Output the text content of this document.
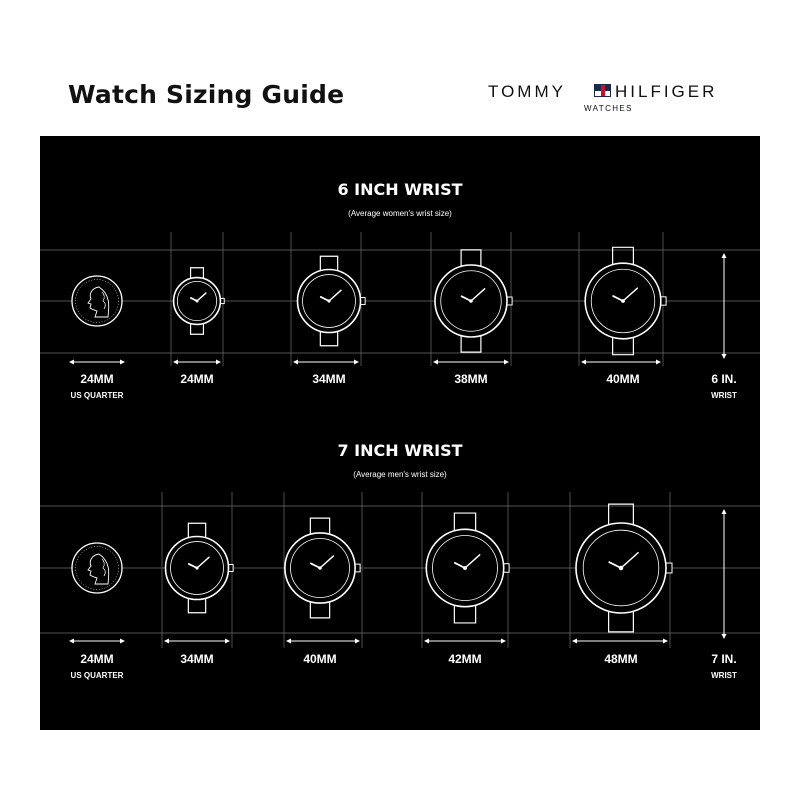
Watch Sizing Guide	TOMMY	HILFIGER
WATCHES
6 INCH WRIST
(Average women's wrist size)
24MM
US QUARTER
24MM	34MM	38MM	40MM	6 IN.
WRIST
7 INCH WRIST
(Average men's wrist size)
24MM
US QUARTER
34MM	40MM	42MM	48MM	7 IN.
WRIST
